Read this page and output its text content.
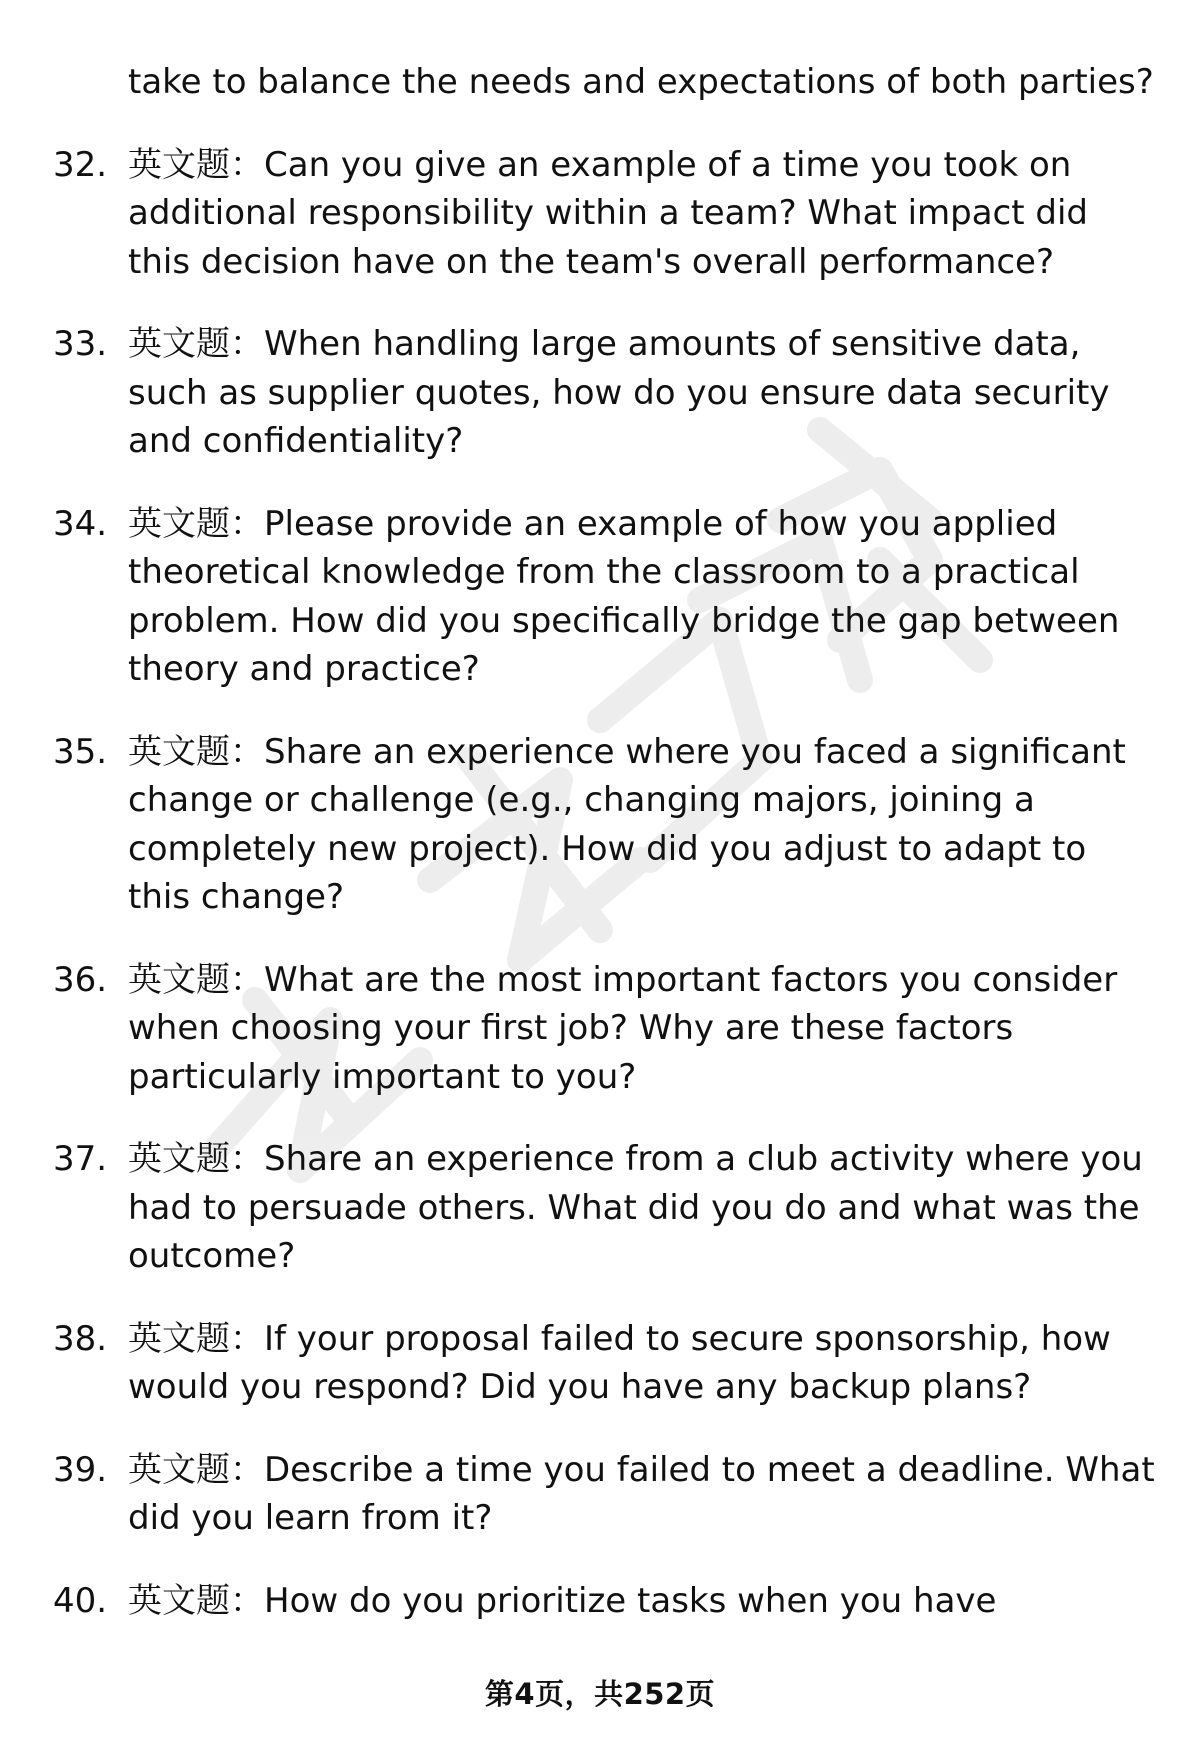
take to balance the needs and expectations of both parties?
32. 英文题：Can you give an example of a time you took on additional responsibility within a team? What impact did this decision have on the team's overall performance?
33. 英文题：When handling large amounts of sensitive data, such as supplier quotes, how do you ensure data security and confidentiality?
34. 英文题：Please provide an example of how you applied theoretical knowledge from the classroom to a practical problem. How did you specifically bridge the gap between theory and practice?
35. 英文题：Share an experience where you faced a significant change or challenge (e.g., changing majors, joining a completely new project). How did you adjust to adapt to this change?
36. 英文题：What are the most important factors you consider when choosing your first job? Why are these factors particularly important to you?
37. 英文题：Share an experience from a club activity where you had to persuade others. What did you do and what was the outcome?
38. 英文题：If your proposal failed to secure sponsorship, how would you respond? Did you have any backup plans?
39. 英文题：Describe a time you failed to meet a deadline. What did you learn from it?
40. 英文题：How do you prioritize tasks when you have
第4页，共252页
